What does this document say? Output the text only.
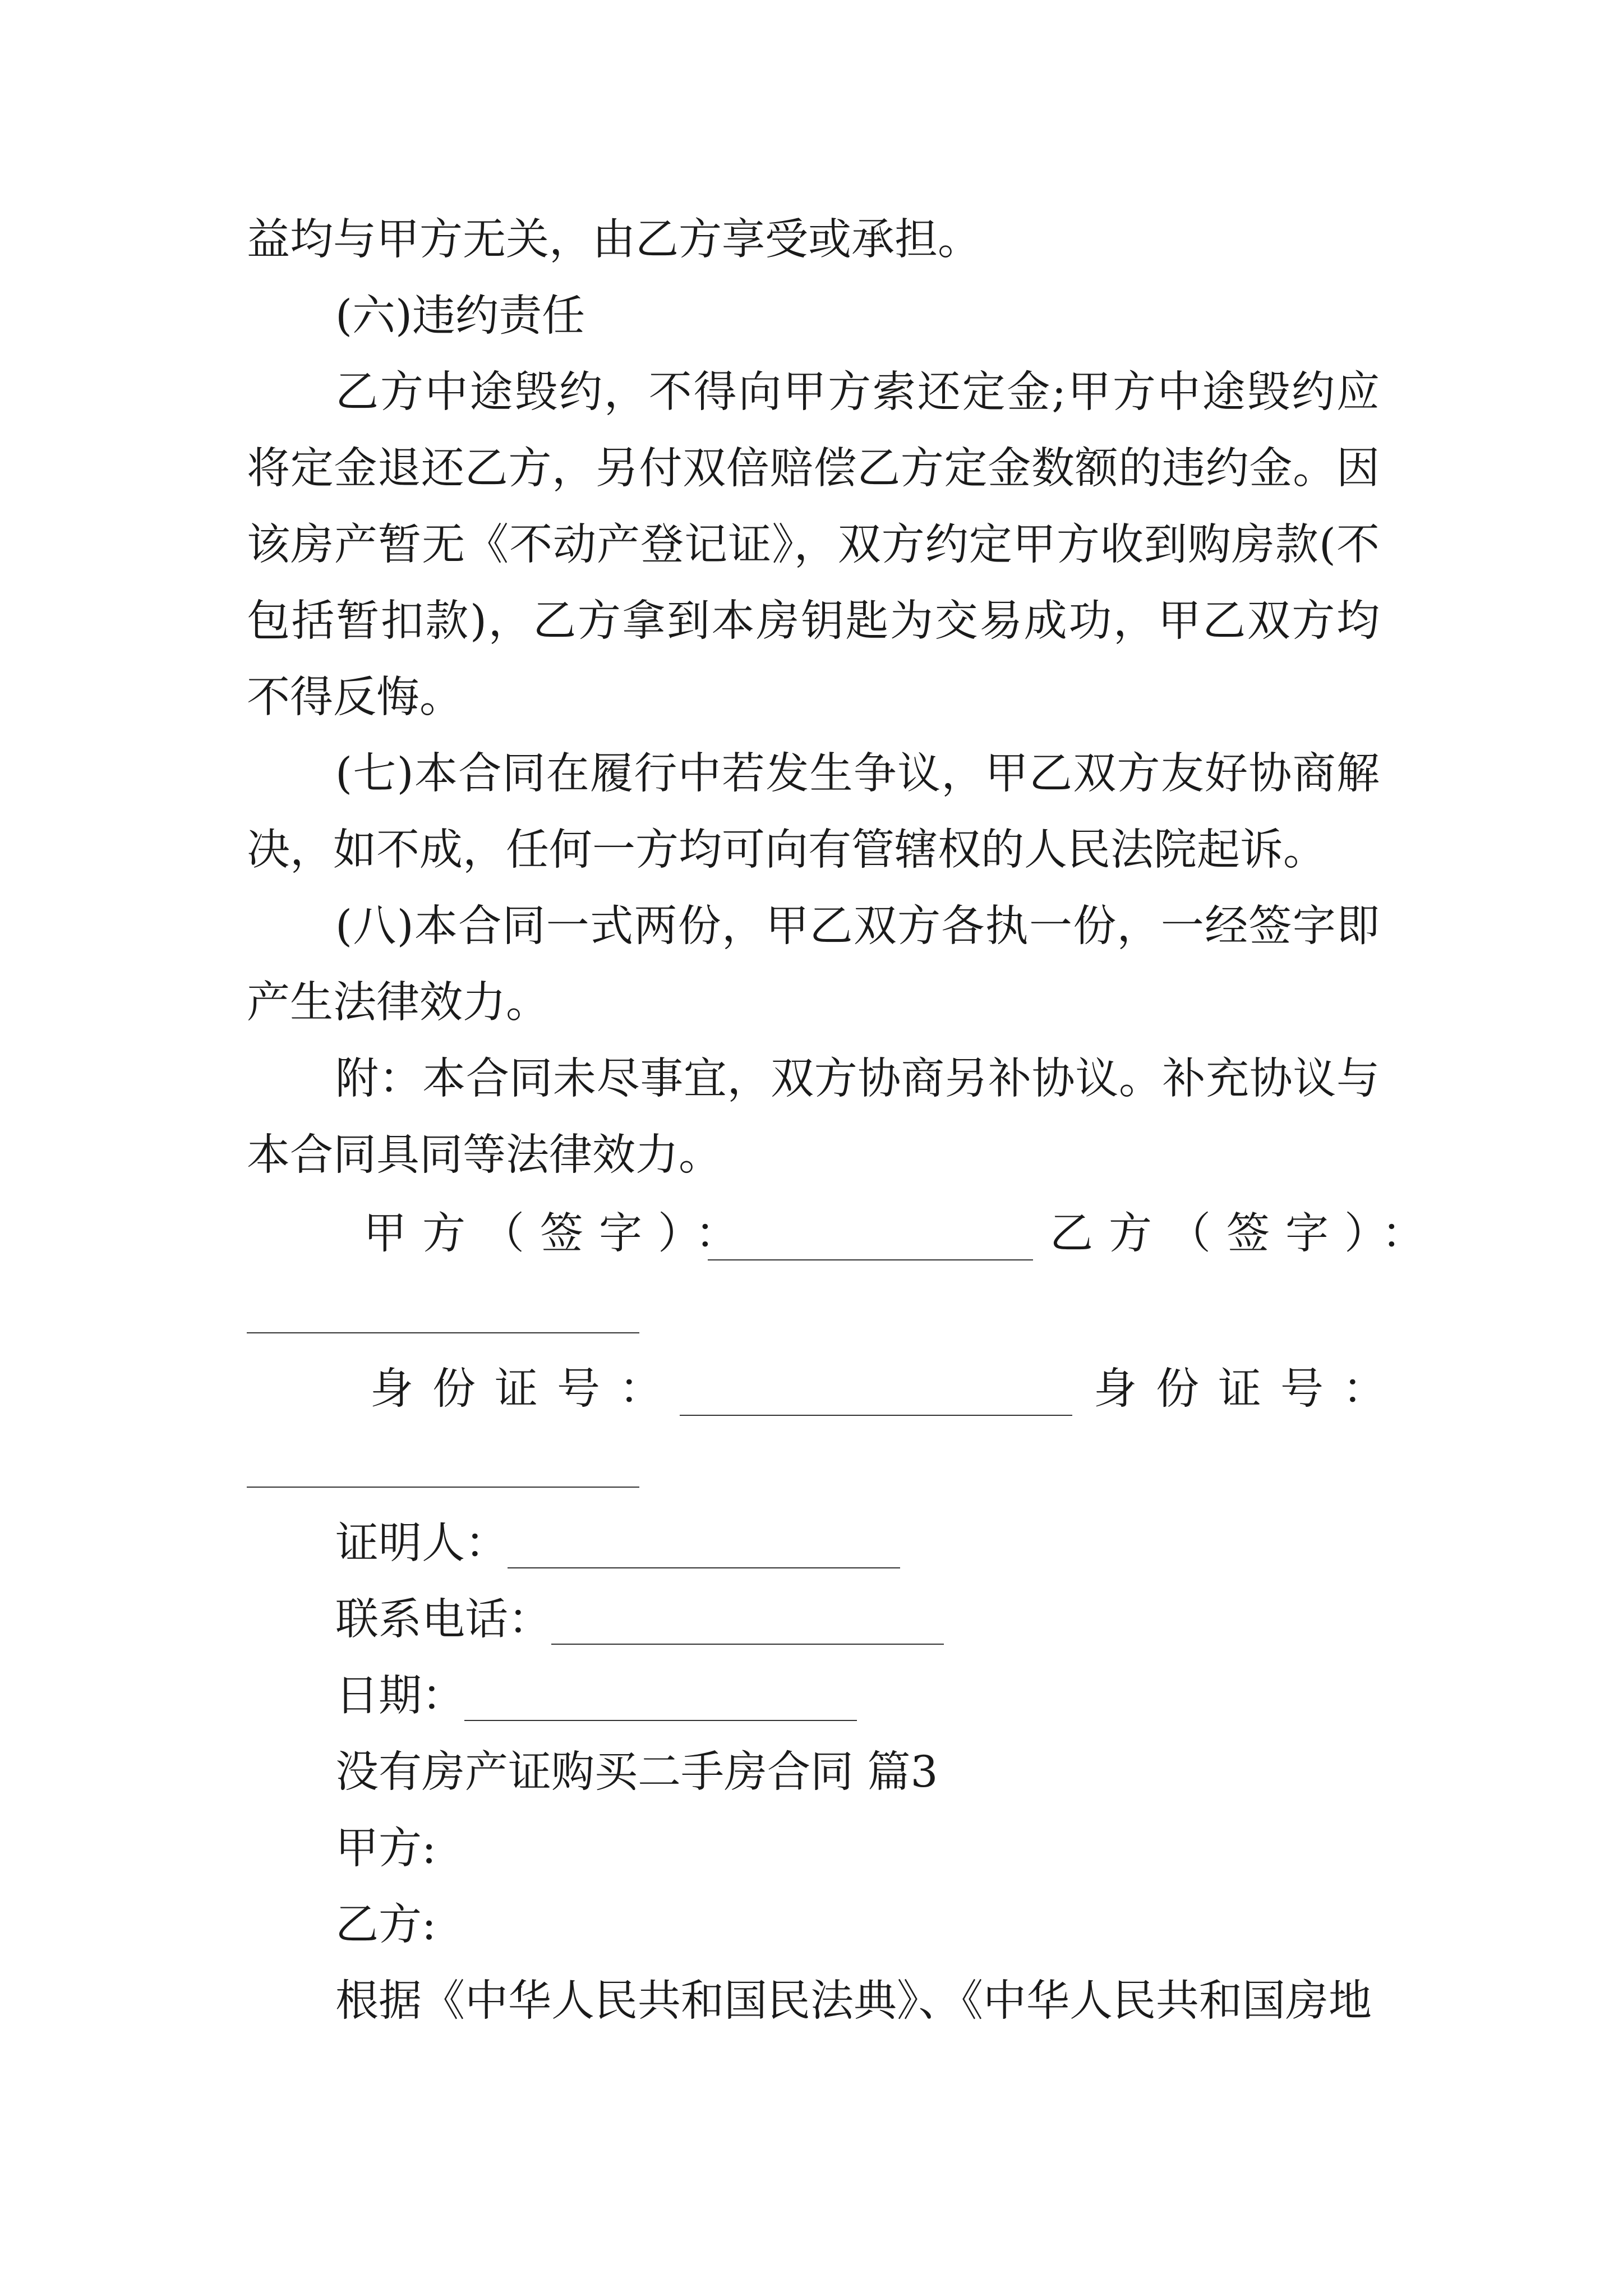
益均与甲方无关，由乙方享受或承担。
(六)违约责任
乙方中途毁约，不得向甲方索还定金;甲方中途毁约应
将定金退还乙方，另付双倍赔偿乙方定金数额的违约金。因
该房产暂无《不动产登记证》，双方约定甲方收到购房款(不
包括暂扣款)，乙方拿到本房钥匙为交易成功，甲乙双方均
不得反悔。
(七)本合同在履行中若发生争议，甲乙双方友好协商解
决，如不成，任何一方均可向有管辖权的人民法院起诉。
(八)本合同一式两份，甲乙双方各执一份，一经签字即
产生法律效力。
附：本合同未尽事宜，双方协商另补协议。补充协议与
本合同具同等法律效力。
甲方（签字）：	乙方（签字）：
身份证号：	身份证号：
证明人：
联系电话：
日期：
没有房产证购买二手房合同 篇3
甲方:
乙方:
根据《中华人民共和国民法典》、《中华人民共和国房地
